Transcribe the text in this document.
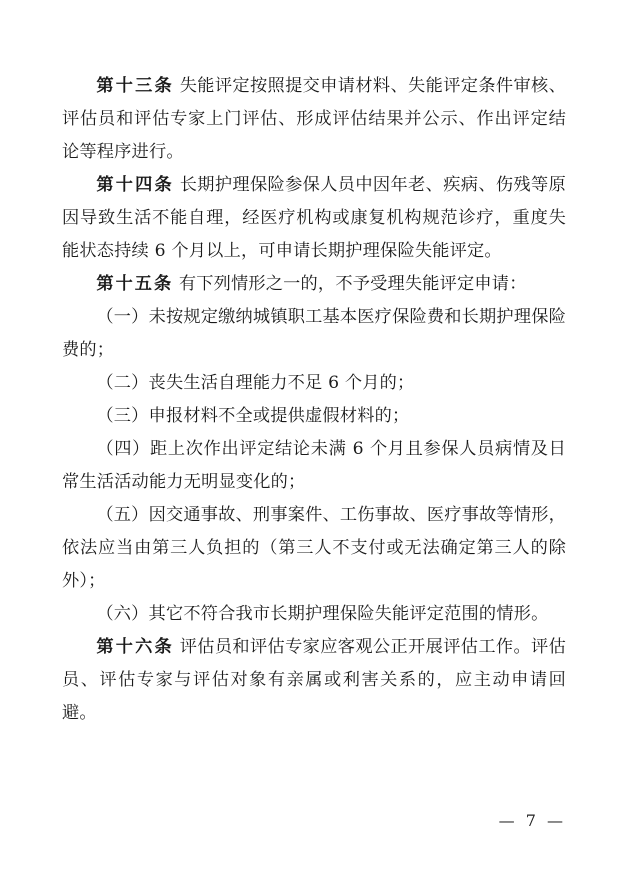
第十三条 失能评定按照提交申请材料、失能评定条件审核、评估员和评估专家上门评估、形成评估结果并公示、作出评定结论等程序进行。

第十四条 长期护理保险参保人员中因年老、疾病、伤残等原因导致生活不能自理，经医疗机构或康复机构规范诊疗，重度失能状态持续 6 个月以上，可申请长期护理保险失能评定。

第十五条 有下列情形之一的，不予受理失能评定申请：

（一）未按规定缴纳城镇职工基本医疗保险费和长期护理保险费的；

（二）丧失生活自理能力不足 6 个月的；

（三）申报材料不全或提供虚假材料的；

（四）距上次作出评定结论未满 6 个月且参保人员病情及日常生活活动能力无明显变化的；

（五）因交通事故、刑事案件、工伤事故、医疗事故等情形，依法应当由第三人负担的（第三人不支付或无法确定第三人的除外）；

（六）其它不符合我市长期护理保险失能评定范围的情形。

第十六条 评估员和评估专家应客观公正开展评估工作。评估员、评估专家与评估对象有亲属或利害关系的，应主动申请回避。

— 7 —
